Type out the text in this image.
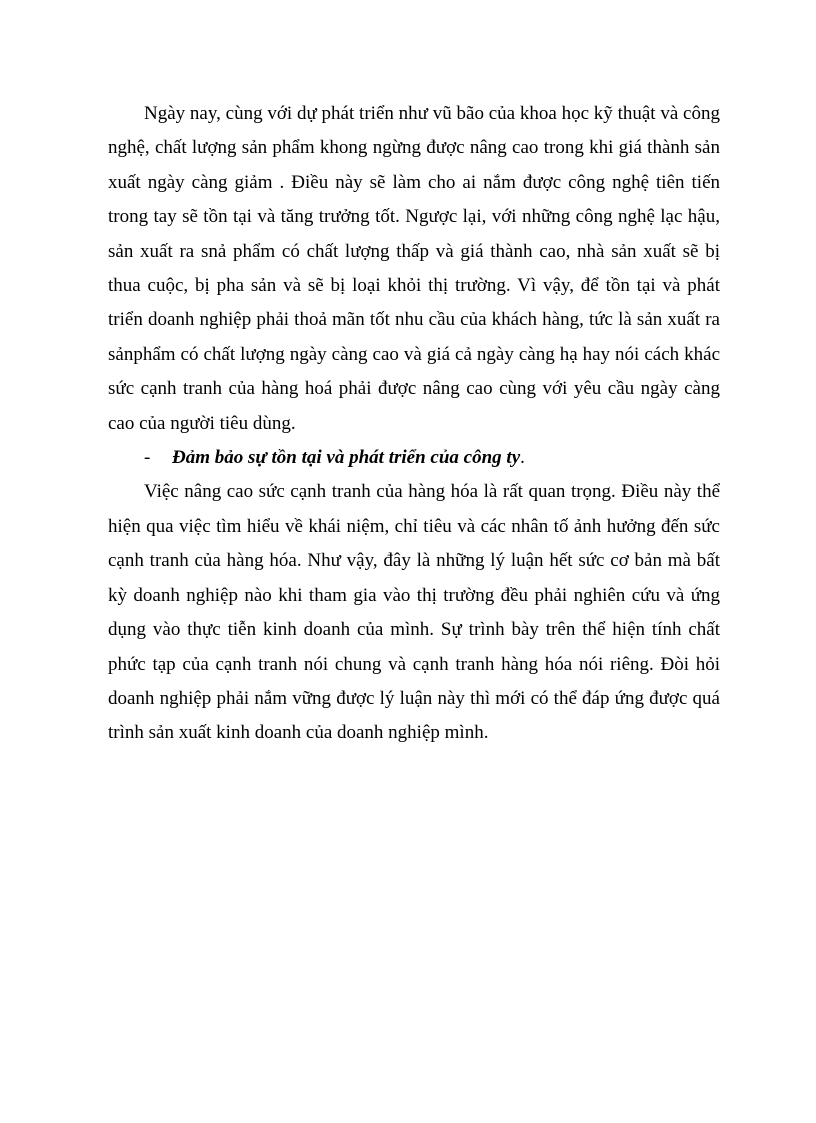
Ngày nay, cùng với dự phát triển như vũ bão của khoa học kỹ thuật và công nghệ, chất lượng sản phẩm khong ngừng được nâng cao trong khi giá thành sản xuất ngày càng giảm . Điều này sẽ làm cho ai nắm được công nghệ tiên tiến trong tay sẽ tồn tại và tăng trưởng tốt. Ngược lại, với những công nghệ lạc hậu, sản xuất ra snả phẩm có chất lượng thấp và giá thành cao, nhà sản xuất sẽ bị thua cuộc, bị pha sản và sẽ bị loại khỏi thị trường. Vì vậy, để tồn tại và phát triển doanh nghiệp phải thoả mãn tốt nhu cầu của khách hàng, tức là sản xuất ra sảnphẩm có chất lượng ngày càng cao và giá cả ngày càng hạ hay nói cách khác sức cạnh tranh của hàng hoá phải được nâng cao cùng với yêu cầu ngày càng cao của người tiêu dùng.

- Đảm bảo sự tồn tại và phát triển của công ty.

Việc nâng cao sức cạnh tranh của hàng hóa là rất quan trọng. Điều này thể hiện qua việc tìm hiểu về khái niệm, chỉ tiêu và các nhân tố ảnh hưởng đến sức cạnh tranh của hàng hóa. Như vậy, đây là những lý luận hết sức cơ bản mà bất kỳ doanh nghiệp nào khi tham gia vào thị trường đều phải nghiên cứu và ứng dụng vào thực tiễn kinh doanh của mình. Sự trình bày trên thể hiện tính chất phức tạp của cạnh tranh nói chung và cạnh tranh hàng hóa nói riêng. Đòi hỏi doanh nghiệp phải nắm vững được lý luận này thì mới có thể đáp ứng được quá trình sản xuất kinh doanh của doanh nghiệp mình.
